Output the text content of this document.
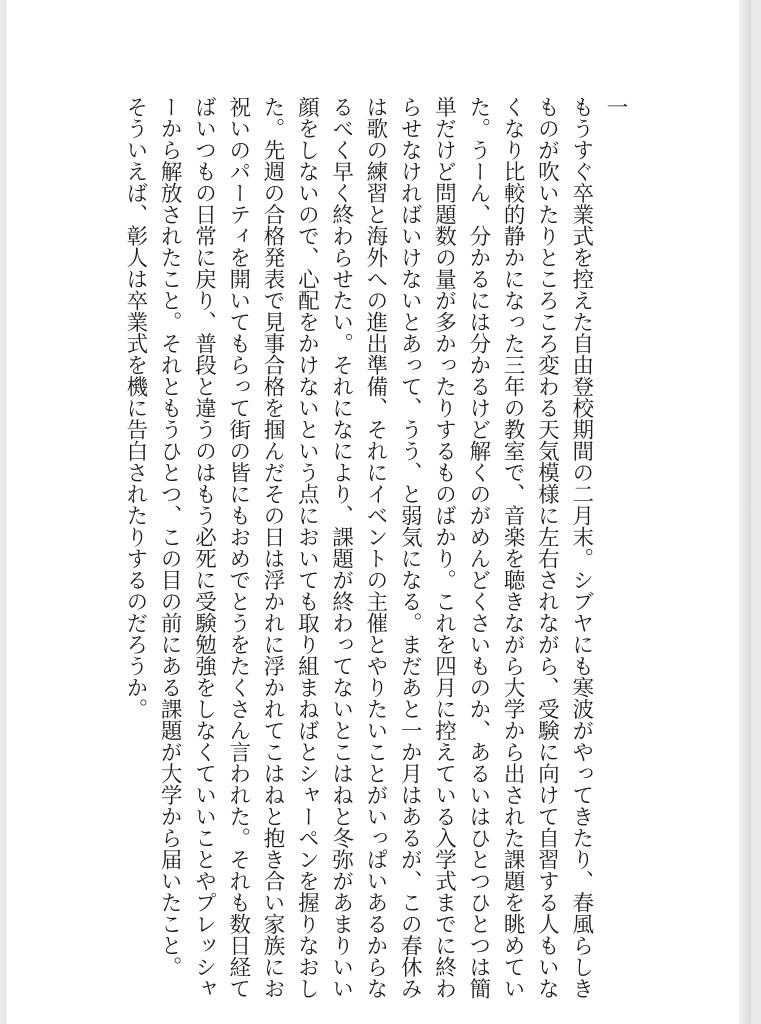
一

もうすぐ卒業式を控えた自由登校期間の二月末。シブヤにも寒波がやってきたり、春風らしき

ものが吹いたりところころ変わる天気模様に左右されながら、受験に向けて自習する人もいな

くなり比較的静かになった三年の教室で、音楽を聴きながら大学から出された課題を眺めてい

た。うーん、分かるには分かるけど解くのがめんどくさいものか、あるいはひとつひとつは簡

単だけど問題数の量が多かったりするものばかり。これを四月に控えている入学式までに終わ

らせなければいけないとあって、うう、と弱気になる。まだあと一か月はあるが、この春休み

は歌の練習と海外への進出準備、それにイベントの主催とやりたいことがいっぱいあるからな

るべく早く終わらせたい。それになにより、課題が終わってないとこはねと冬弥があまりいい

顔をしないので、心配をかけないという点においても取り組まねばとシャーペンを握りなおし

た。先週の合格発表で見事合格を掴んだその日は浮かれに浮かれてこはねと抱き合い家族にお

祝いのパーティを開いてもらって街の皆にもおめでとうをたくさん言われた。それも数日経て

ばいつもの日常に戻り、普段と違うのはもう必死に受験勉強をしなくていいことやプレッシャ

ーから解放されたこと。それともうひとつ、この目の前にある課題が大学から届いたこと。

そういえば、彰人は卒業式を機に告白されたりするのだろうか。
